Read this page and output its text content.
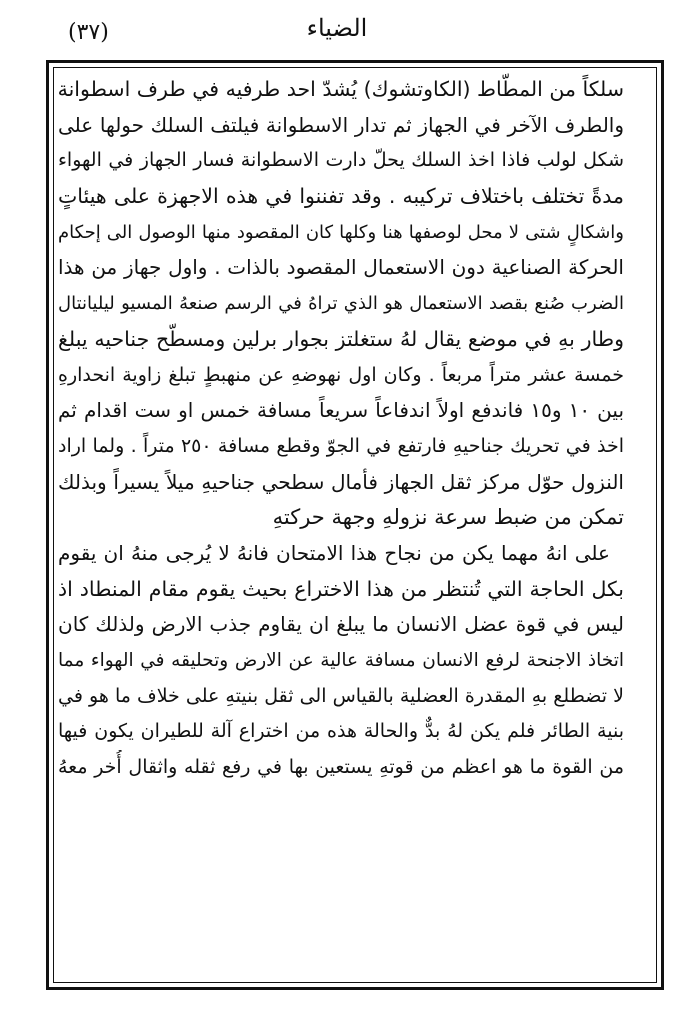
(٣٧)	الضياء
سلكاً من المطّاط (الكاوتشوك) يُشدّ احد طرفيه في طرف اسطوانة
والطرف الآخر في الجهاز ثم تدار الاسطوانة فيلتف السلك حولها على
شكل لولب فاذا اخذ السلك يحلّ دارت الاسطوانة فسار الجهاز في الهواء
مدةً تختلف باختلاف تركيبه . وقد تفننوا في هذه الاجهزة على هيئاتٍ
واشكالٍ شتى لا محل لوصفها هنا وكلها كان المقصود منها الوصول الى إحكام
الحركة الصناعية دون الاستعمال المقصود بالذات . واول جهاز من هذا
الضرب صُنع بقصد الاستعمال هو الذي تراهُ في الرسم صنعهُ المسيو ليليانتال
وطار بهِ في موضع يقال لهُ ستغلتز بجوار برلين ومسطّح جناحيه يبلغ
خمسة عشر متراً مربعاً . وكان اول نهوضهِ عن منهبطٍ تبلغ زاوية انحدارهِ
بين ١٠ و١٥ فاندفع اولاً اندفاعاً سريعاً مسافة خمس او ست اقدام ثم
اخذ في تحريك جناحيهِ فارتفع في الجوّ وقطع مسافة ٢٥٠ متراً . ولما اراد
النزول حوّل مركز ثقل الجهاز فأمال سطحي جناحيهِ ميلاً يسيراً وبذلك
تمكن من ضبط سرعة نزولهِ وجهة حركتهِ
على انهُ مهما يكن من نجاح هذا الامتحان فانهُ لا يُرجى منهُ ان يقوم
بكل الحاجة التي تُنتظر من هذا الاختراع بحيث يقوم مقام المنطاد اذ
ليس في قوة عضل الانسان ما يبلغ ان يقاوم جذب الارض ولذلك كان
اتخاذ الاجنحة لرفع الانسان مسافة عالية عن الارض وتحليقه في الهواء مما
لا تضطلع بهِ المقدرة العضلية بالقياس الى ثقل بنيتهِ على خلاف ما هو في
بنية الطائر فلم يكن لهُ بدٌّ والحالة هذه من اختراع آلة للطيران يكون فيها
من القوة ما هو اعظم من قوتهِ يستعين بها في رفع ثقله واثقال أُخر معهُ
